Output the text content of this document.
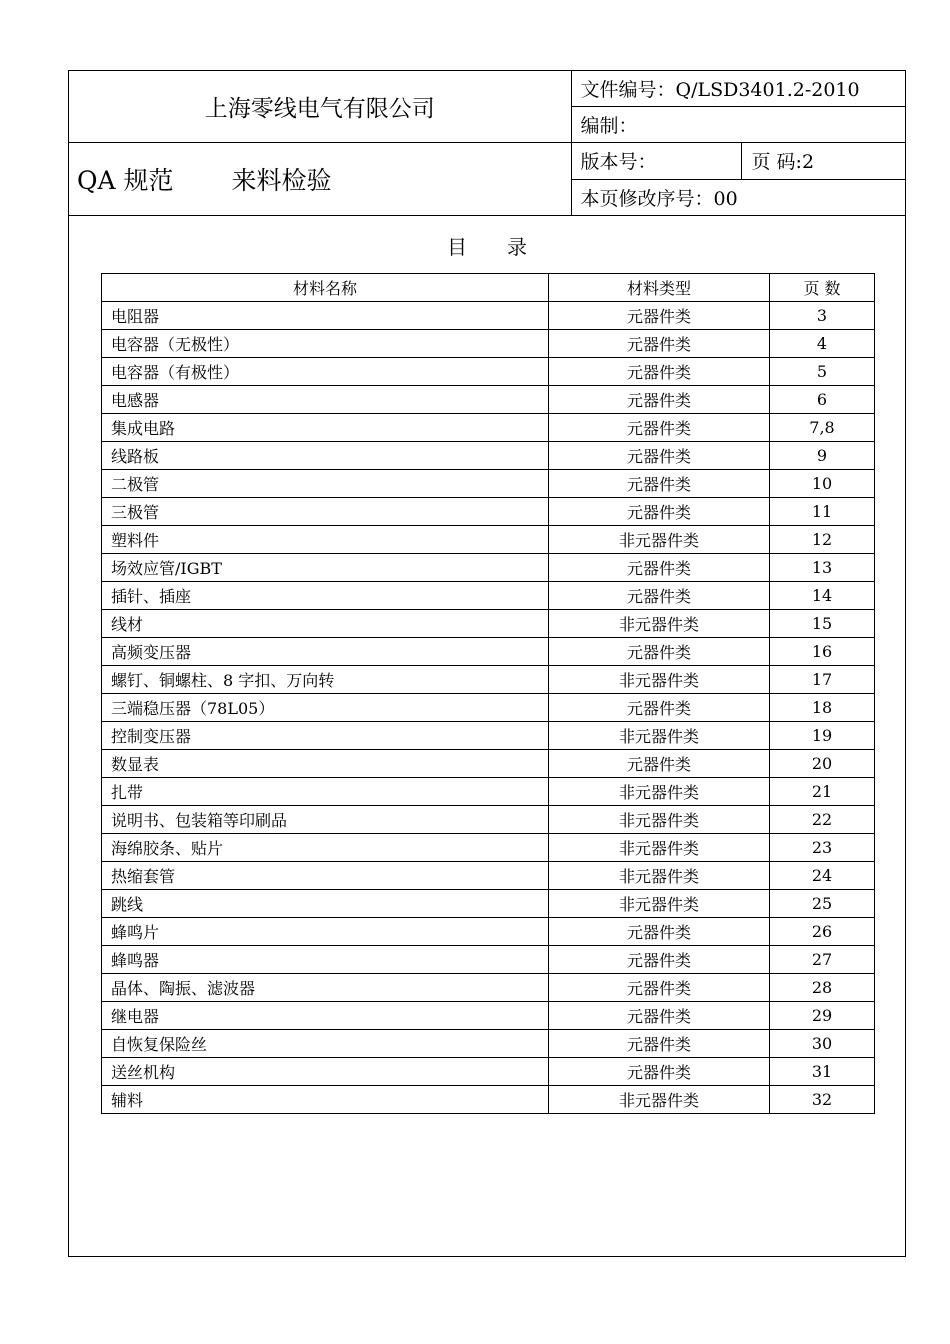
上海零线电气有限公司	文件编号：Q/LSD3401.2-2010	
	编制：	
QA 规范 来料检验	版本号：	页 码:2
	本页修改序号：00	
目录
材料名称	材料类型	页 数
电阻器	元器件类	3
电容器（无极性）	元器件类	4
电容器（有极性）	元器件类	5
电感器	元器件类	6
集成电路	元器件类	7,8
线路板	元器件类	9
二极管	元器件类	10
三极管	元器件类	11
塑料件	非元器件类	12
场效应管/IGBT	元器件类	13
插针、插座	元器件类	14
线材	非元器件类	15
高频变压器	元器件类	16
螺钉、铜螺柱、8 字扣、万向转	非元器件类	17
三端稳压器（78L05）	元器件类	18
控制变压器	非元器件类	19
数显表	元器件类	20
扎带	非元器件类	21
说明书、包装箱等印刷品	非元器件类	22
海绵胶条、贴片	非元器件类	23
热缩套管	非元器件类	24
跳线	非元器件类	25
蜂鸣片	元器件类	26
蜂鸣器	元器件类	27
晶体、陶振、滤波器	元器件类	28
继电器	元器件类	29
自恢复保险丝	元器件类	30
送丝机构	元器件类	31
辅料	非元器件类	32
